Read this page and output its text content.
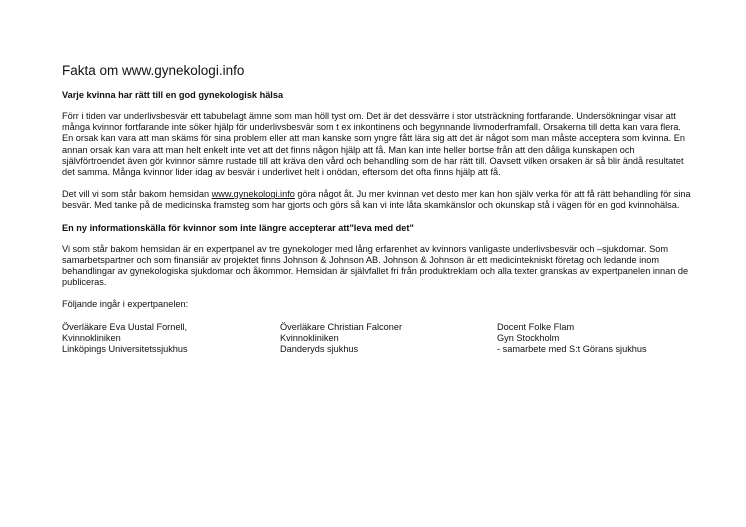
Fakta om www.gynekologi.info
Varje kvinna har rätt till en god gynekologisk hälsa
Förr i tiden var underlivsbesvär ett tabubelagt ämne som man höll tyst om. Det är det dessvärre i stor utsträckning fortfarande. Undersökningar visar att många kvinnor fortfarande inte söker hjälp för underlivsbesvär som t ex inkontinens och begynnande livmoderframfall. Orsakerna till detta kan vara flera. En orsak kan vara att man skäms för sina problem eller att man kanske som yngre fått lära sig att det är något som man måste acceptera som kvinna. En annan orsak kan vara att man helt enkelt inte vet att det finns någon hjälp att få. Man kan inte heller bortse från att den dåliga kunskapen och självförtroendet även gör kvinnor sämre rustade till att kräva den vård och behandling som de har rätt till. Oavsett vilken orsaken är så blir ändå resultatet det samma. Många kvinnor lider idag av besvär i underlivet helt i onödan, eftersom det ofta finns hjälp att få.
Det vill vi som står bakom hemsidan www.gynekologi.info göra något åt. Ju mer kvinnan vet desto mer kan hon själv verka för att få rätt behandling för sina besvär. Med tanke på de medicinska framsteg som har gjorts och görs så kan vi inte låta skamkänslor och okunskap stå i vägen för en god kvinnohälsa.
En ny informationskälla för kvinnor som inte längre accepterar att"leva med det"
Vi som står bakom hemsidan är en expertpanel av tre gynekologer med lång erfarenhet av kvinnors vanligaste underlivsbesvär och –sjukdomar. Som samarbetspartner och som finansiär av projektet finns Johnson & Johnson AB. Johnson & Johnson är ett medicintekniskt företag och ledande inom behandlingar av gynekologiska sjukdomar och åkommor. Hemsidan är självfallet fri från produktreklam och alla texter granskas av expertpanelen innan de publiceras.
Följande ingår i expertpanelen:
Överläkare Eva Uustal Fornell,
Kvinnokliniken
Linköpings Universitetssjukhus
Överläkare Christian Falconer
Kvinnokliniken
Danderyds sjukhus
Docent Folke Flam
Gyn Stockholm
- samarbete med S:t Görans sjukhus
